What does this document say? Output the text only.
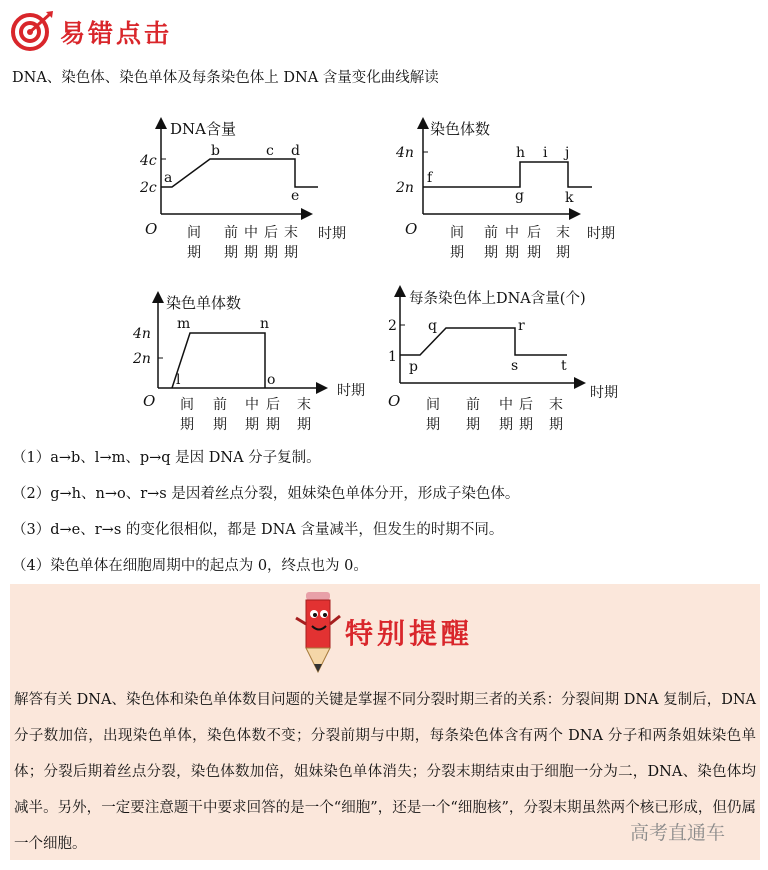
易错点击
DNA、染色体、染色单体及每条染色体上 DNA 含量变化曲线解读
DNA含量
4c
2c
a
b	c d
e
O 间
期
前
期
中
期
后
期
末
期
时期
染色体数
4n
2n
f
g
h i j
k
O 间
期
前
期
中
期
后
期
末
期
时期
染色单体数
4n
2n
l
m	n
o
O 间
期
前
期
中
期
后
期
末
期
时期
每条染色体上DNA含量(个)
2
1
p
q	r
s	t
O 间
期
前
期
中
期
后
期
末
期
时期
（1）a→b、l→m、p→q 是因 DNA 分子复制。
（2）g→h、n→o、r→s 是因着丝点分裂，姐妹染色单体分开，形成子染色体。
（3）d→e、r→s 的变化很相似，都是 DNA 含量减半，但发生的时期不同。
（4）染色单体在细胞周期中的起点为 0，终点也为 0。
特别提醒
解答有关 DNA、染色体和染色单体数目问题的关键是掌握不同分裂时期三者的关系：分裂间期 DNA 复制后，DNA 分子数加倍，出现染色单体，染色体数不变；分裂前期与中期，每条染色体含有两个 DNA 分子和两条姐妹染色单体；分裂后期着丝点分裂，染色体数加倍，姐妹染色单体消失；分裂末期结束由于细胞一分为二，DNA、染色体均减半。另外，一定要注意题干中要求回答的是一个“细胞”，还是一个“细胞核”，分裂末期虽然两个核已形成，但仍属一个细胞。	高考直通车
